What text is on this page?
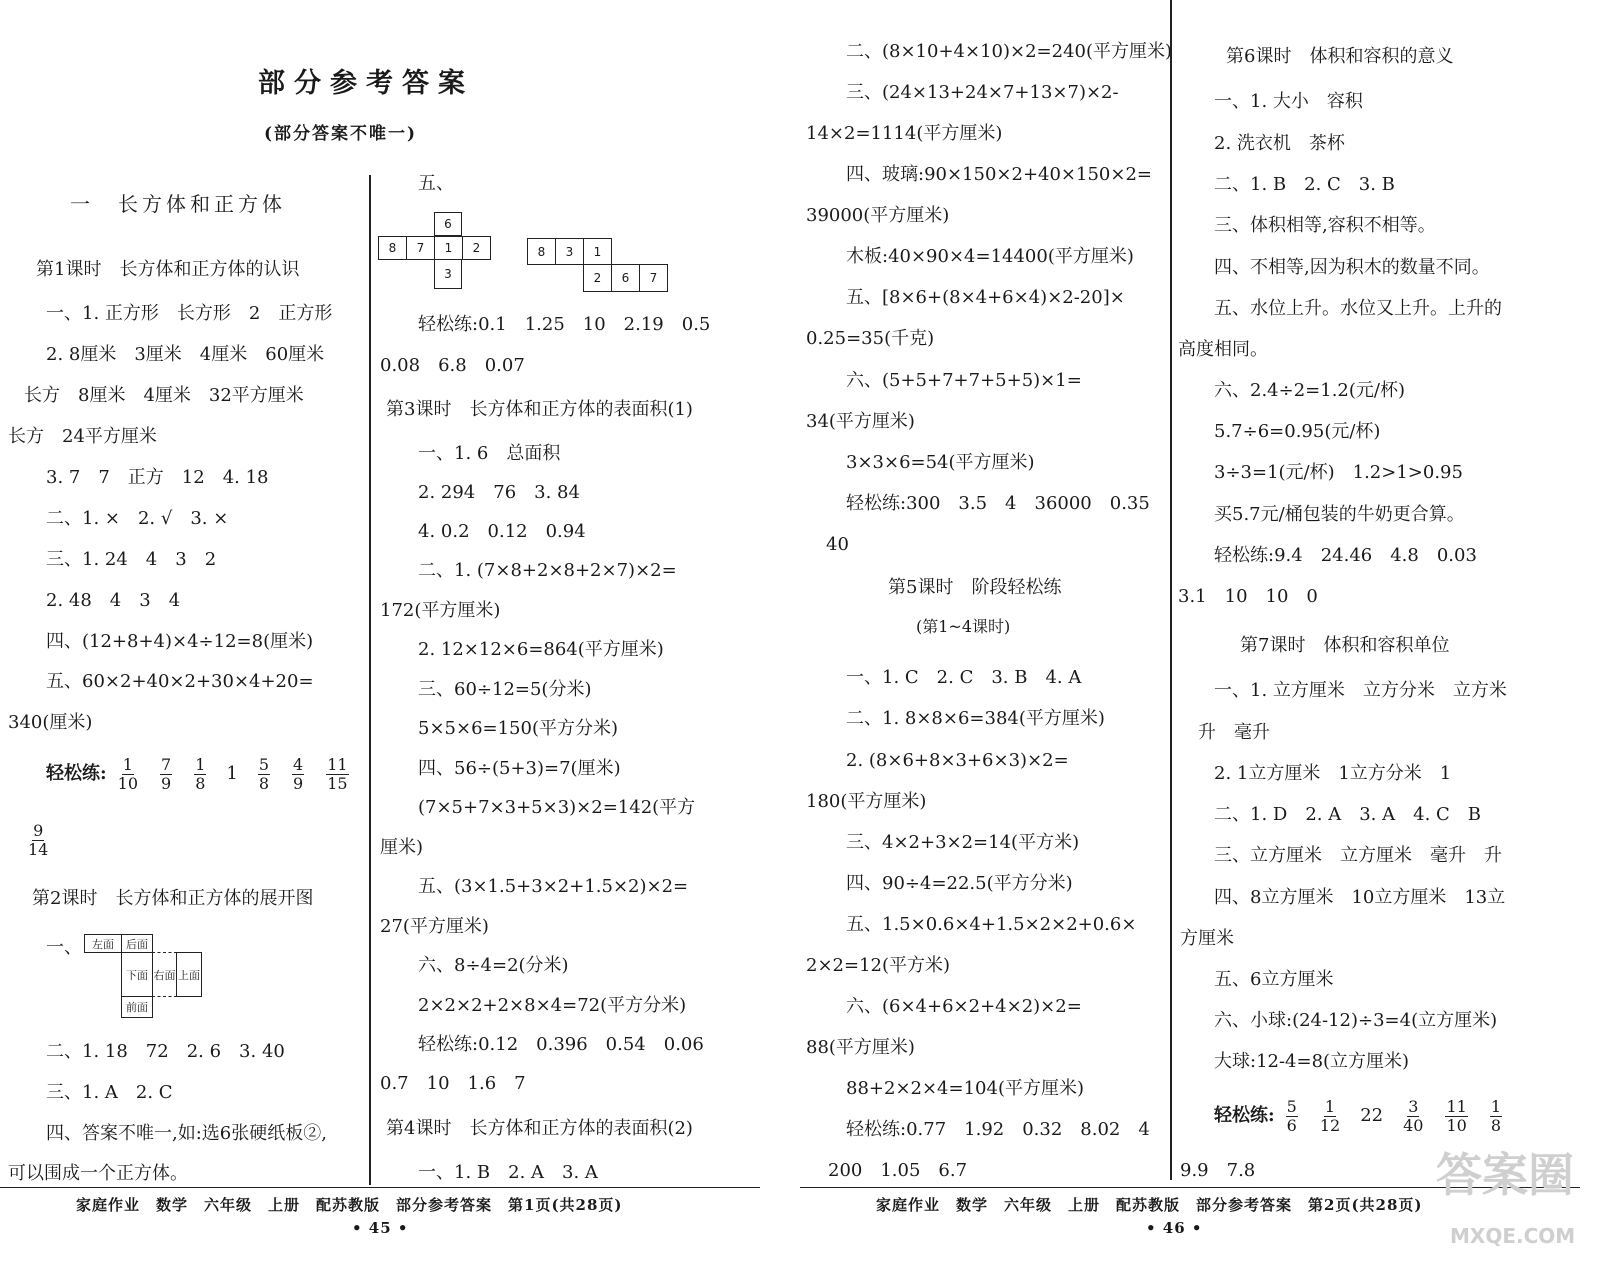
部分参考答案
(部分答案不唯一)
一　长方体和正方体
第1课时　长方体和正方体的认识
一、1. 正方形　长方形　2　正方形
2. 8厘米　3厘米　4厘米　60厘米
长方　8厘米　4厘米　32平方厘米
长方　24平方厘米
3. 7　7　正方　12　4. 18
二、1. ×　2. √　3. ×
三、1. 24　4　3　2
2. 48　4　3　4
四、(12+8+4)×4÷12=8(厘米)
五、60×2+40×2+30×4+20=
340(厘米)
轻松练: $\frac{1}{10} \frac{7}{9} \frac{1}{8} 1 \frac{5}{8} \frac{4}{9} \frac{11}{15}$
$\frac{9}{14}$
第2课时　长方体和正方体的展开图
一、 左面	后面
下面 右面 上面
前面
二、1. 18　72　2. 6　3. 40
三、1. A　2. C
四、答案不唯一,如:选6张硬纸板②,
可以围成一个正方体。
五、
6
8	7	1	2
3
8	3	1
2	6	7
轻松练:0.1　1.25　10　2.19　0.5
0.08　6.8　0.07
第3课时　长方体和正方体的表面积(1)
一、1. 6　总面积
2. 294　76　3. 84
4. 0.2　0.12　0.94
二、1. (7×8+2×8+2×7)×2=
172(平方厘米)
2. 12×12×6=864(平方厘米)
三、60÷12=5(分米)
5×5×6=150(平方分米)
四、56÷(5+3)=7(厘米)
(7×5+7×3+5×3)×2=142(平方
厘米)
五、(3×1.5+3×2+1.5×2)×2=
27(平方厘米)
六、8÷4=2(分米)
2×2×2+2×8×4=72(平方分米)
轻松练:0.12　0.396　0.54　0.06
0.7　10　1.6　7
第4课时　长方体和正方体的表面积(2)
一、1. B　2. A　3. A
家庭作业　数学　六年级　上册　配苏教版　部分参考答案　第1页(共28页)
• 45 •
二、(8×10+4×10)×2=240(平方厘米)
三、(24×13+24×7+13×7)×2-
14×2=1114(平方厘米)
四、玻璃:90×150×2+40×150×2=
39000(平方厘米)
木板:40×90×4=14400(平方厘米)
五、[8×6+(8×4+6×4)×2-20]×
0.25=35(千克)
六、(5+5+7+7+5+5)×1=
34(平方厘米)
3×3×6=54(平方厘米)
轻松练:300　3.5　4　36000　0.35
40
第5课时　阶段轻松练
(第1~4课时)
一、1. C　2. C　3. B　4. A
二、1. 8×8×6=384(平方厘米)
2. (8×6+8×3+6×3)×2=
180(平方厘米)
三、4×2+3×2=14(平方米)
四、90÷4=22.5(平方分米)
五、1.5×0.6×4+1.5×2×2+0.6×
2×2=12(平方米)
六、(6×4+6×2+4×2)×2=
88(平方厘米)
88+2×2×4=104(平方厘米)
轻松练:0.77　1.92　0.32　8.02　4
200　1.05　6.7
第6课时　体积和容积的意义
一、1. 大小　容积
2. 洗衣机　茶杯
二、1. B　2. C　3. B
三、体积相等,容积不相等。
四、不相等,因为积木的数量不同。
五、水位上升。水位又上升。上升的
高度相同。
六、2.4÷2=1.2(元/杯)
5.7÷6=0.95(元/杯)
3÷3=1(元/杯)　1.2>1>0.95
买5.7元/桶包装的牛奶更合算。
轻松练:9.4　24.46　4.8　0.03
3.1　10　10　0
第7课时　体积和容积单位
一、1. 立方厘米　立方分米　立方米
升　毫升
2. 1立方厘米　1立方分米　1
二、1. D　2. A　3. A　4. C　B
三、立方厘米　立方厘米　毫升　升
四、8立方厘米　10立方厘米　13立
方厘米
五、6立方厘米
六、小球:(24-12)÷3=4(立方厘米)
大球:12-4=8(立方厘米)
轻松练: $\frac{5}{6} \frac{1}{12} 22 \frac{3}{40} \frac{11}{10} \frac{1}{8}$
9.9　7.8
家庭作业　数学　六年级　上册　配苏教版　部分参考答案　第2页(共28页)
• 46 •
答案圈
MXQE.COM
